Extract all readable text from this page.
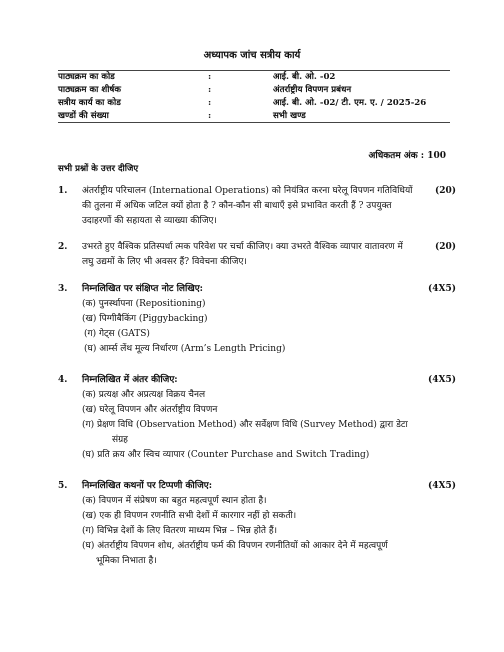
अध्यापक जांच सत्रीय कार्य
पाठ्यक्रम का कोड	:	आई. बी. ओ. -02
पाठ्यक्रम का शीर्षक	:	अंतर्राष्ट्रीय विपणन प्रबंधन
सत्रीय कार्य का कोड	:	आई. बी. ओ. -02/ टी. एम. ए. / 2025-26
खण्डों की संख्या	:	सभी खण्ड
अधिकतम अंक : 100
सभी प्रश्नों के उत्तर दीजिए
1.	(20)
अंतर्राष्ट्रीय परिचालन (International Operations) को नियंत्रित करना घरेलू विपणन गतिविधियों
की तुलना में अधिक जटिल क्यों होता है ? कौन-कौन सी बाधाएँ इसे प्रभावित करती हैं ? उपयुक्त
उदाहरणों की सहायता से व्याख्या कीजिए।
2.	(20)
उभरते हुए वैश्विक प्रतिस्पर्धा त्मक परिवेश पर चर्चा कीजिए। क्या उभरते वैश्विक व्यापार वातावरण में
लघु उद्यमों के लिए भी अवसर हैं? विवेचना कीजिए।
3.	(4X5)
निम्नलिखित पर संक्षिप्त नोट लिखिए:
(क) पुनर्स्थापना (Repositioning)
(ख) पिग्गीबैकिंग (Piggybacking)
(ग) गेट्स (GATS)
(घ) आर्म्स लेंथ मूल्य निर्धारण (Arm’s Length Pricing)
4.	(4X5)
निम्नलिखित में अंतर कीजिए:
(क) प्रत्यक्ष और अप्रत्यक्ष विक्रय चैनल
(ख) घरेलू विपणन और अंतर्राष्ट्रीय विपणन
(ग) प्रेक्षण विधि (Observation Method) और सर्वेक्षण विधि (Survey Method) द्वारा डेटा
संग्रह
(घ) प्रति क्रय और स्विच व्यापार (Counter Purchase and Switch Trading)
5.	(4X5)
निम्नलिखित कथनों पर टिप्पणी कीजिए:
(क) विपणन में संप्रेषण का बहुत महत्वपूर्ण स्थान होता है।
(ख) एक ही विपणन रणनीति सभी देशों में कारगार नहीं हो सकती।
(ग) विभिन्न देशों के लिए वितरण माध्यम भिन्न – भिन्न होते हैं।
(घ) अंतर्राष्ट्रीय विपणन शोध, अंतर्राष्ट्रीय फर्म की विपणन रणनीतियों को आकार देने में महत्वपूर्ण
भूमिका निभाता है।
